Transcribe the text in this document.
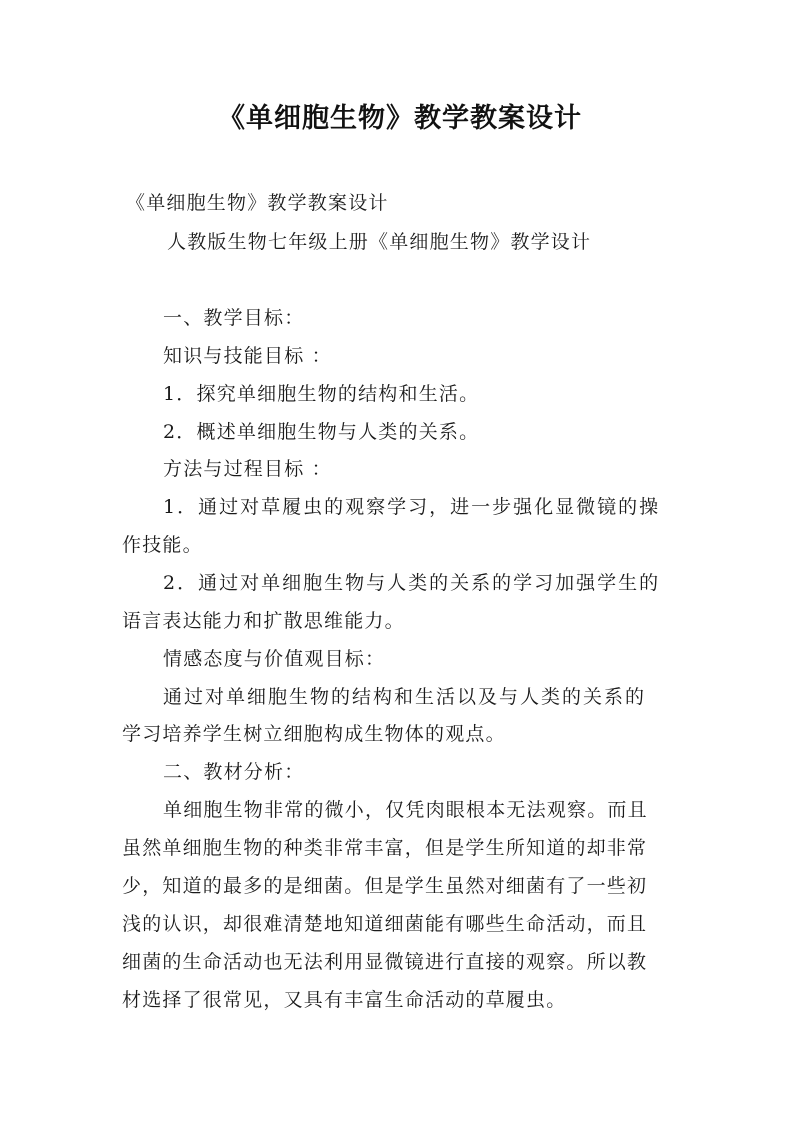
《单细胞生物》教学教案设计
《单细胞生物》教学教案设计
人教版生物七年级上册《单细胞生物》教学设计
一、教学目标：
知识与技能目标 ：
1．探究单细胞生物的结构和生活。
2．概述单细胞生物与人类的关系。
方法与过程目标 ：
1．通过对草履虫的观察学习，进一步强化显微镜的操
作技能。
2．通过对单细胞生物与人类的关系的学习加强学生的
语言表达能力和扩散思维能力。
情感态度与价值观目标：
通过对单细胞生物的结构和生活以及与人类的关系的
学习培养学生树立细胞构成生物体的观点。
二、教材分析：
单细胞生物非常的微小，仅凭肉眼根本无法观察。而且
虽然单细胞生物的种类非常丰富，但是学生所知道的却非常
少，知道的最多的是细菌。但是学生虽然对细菌有了一些初
浅的认识，却很难清楚地知道细菌能有哪些生命活动，而且
细菌的生命活动也无法利用显微镜进行直接的观察。所以教
材选择了很常见，又具有丰富生命活动的草履虫。
